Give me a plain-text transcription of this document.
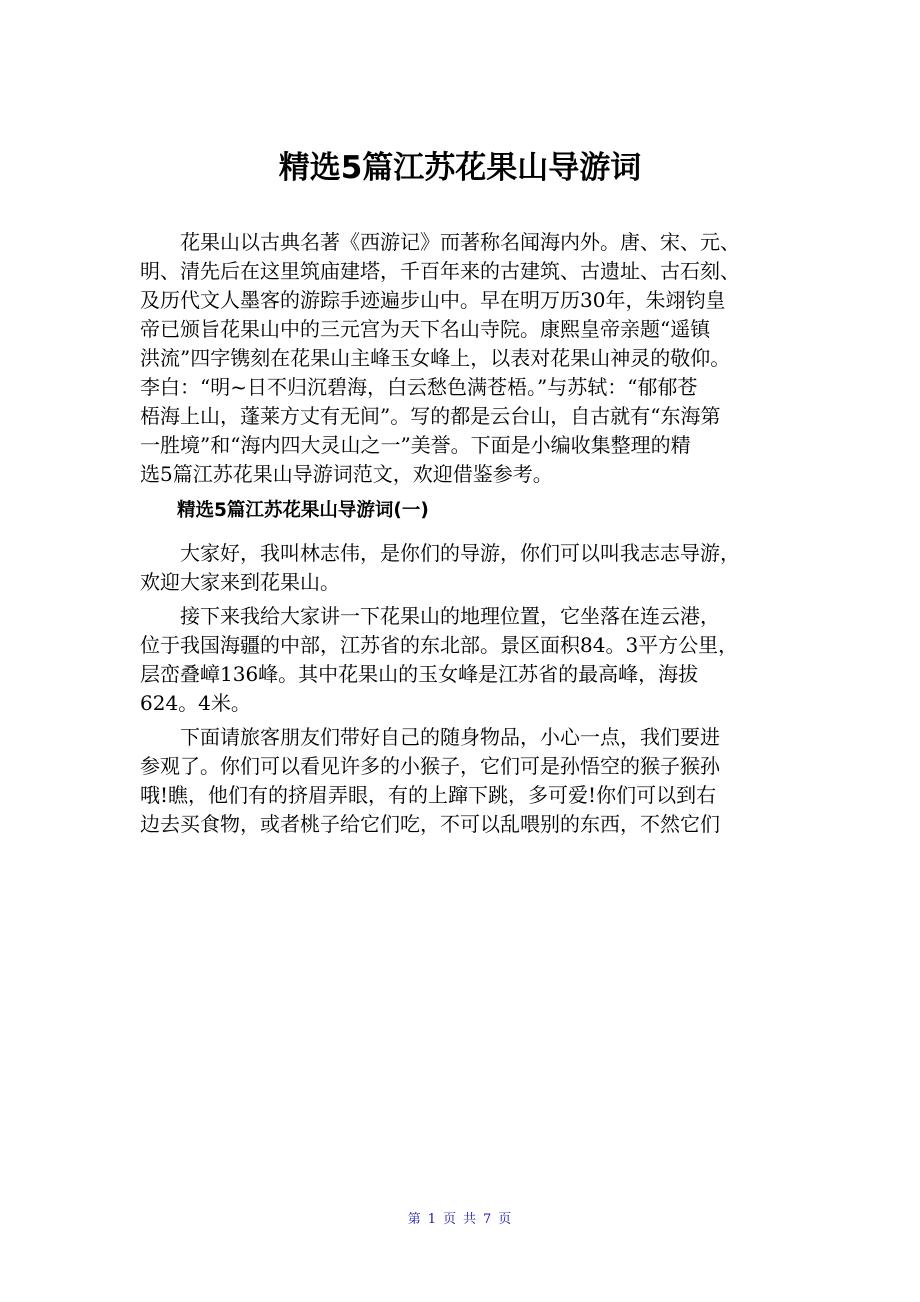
精选5篇江苏花果山导游词
花果山以古典名著《西游记》而著称名闻海内外。唐、宋、元、
明、清先后在这里筑庙建塔，千百年来的古建筑、古遗址、古石刻、
及历代文人墨客的游踪手迹遍步山中。早在明万历30年，朱翊钧皇
帝已颁旨花果山中的三元宫为天下名山寺院。康熙皇帝亲题“遥镇
洪流”四字镌刻在花果山主峰玉女峰上，以表对花果山神灵的敬仰。
李白：“明~日不归沉碧海，白云愁色满苍梧。”与苏轼：“郁郁苍
梧海上山，蓬莱方丈有无间”。写的都是云台山，自古就有“东海第
一胜境”和“海内四大灵山之一”美誉。下面是小编收集整理的精
选5篇江苏花果山导游词范文，欢迎借鉴参考。
精选5篇江苏花果山导游词(一)
大家好，我叫林志伟，是你们的导游，你们可以叫我志志导游，
欢迎大家来到花果山。
接下来我给大家讲一下花果山的地理位置，它坐落在连云港，
位于我国海疆的中部，江苏省的东北部。景区面积84。3平方公里，
层峦叠嶂136峰。其中花果山的玉女峰是江苏省的最高峰，海拔
624。4米。
下面请旅客朋友们带好自己的随身物品，小心一点，我们要进
参观了。你们可以看见许多的小猴子，它们可是孙悟空的猴子猴孙
哦!瞧，他们有的挤眉弄眼，有的上蹿下跳，多可爱!你们可以到右
边去买食物，或者桃子给它们吃，不可以乱喂别的东西，不然它们
第 1 页 共 7 页
